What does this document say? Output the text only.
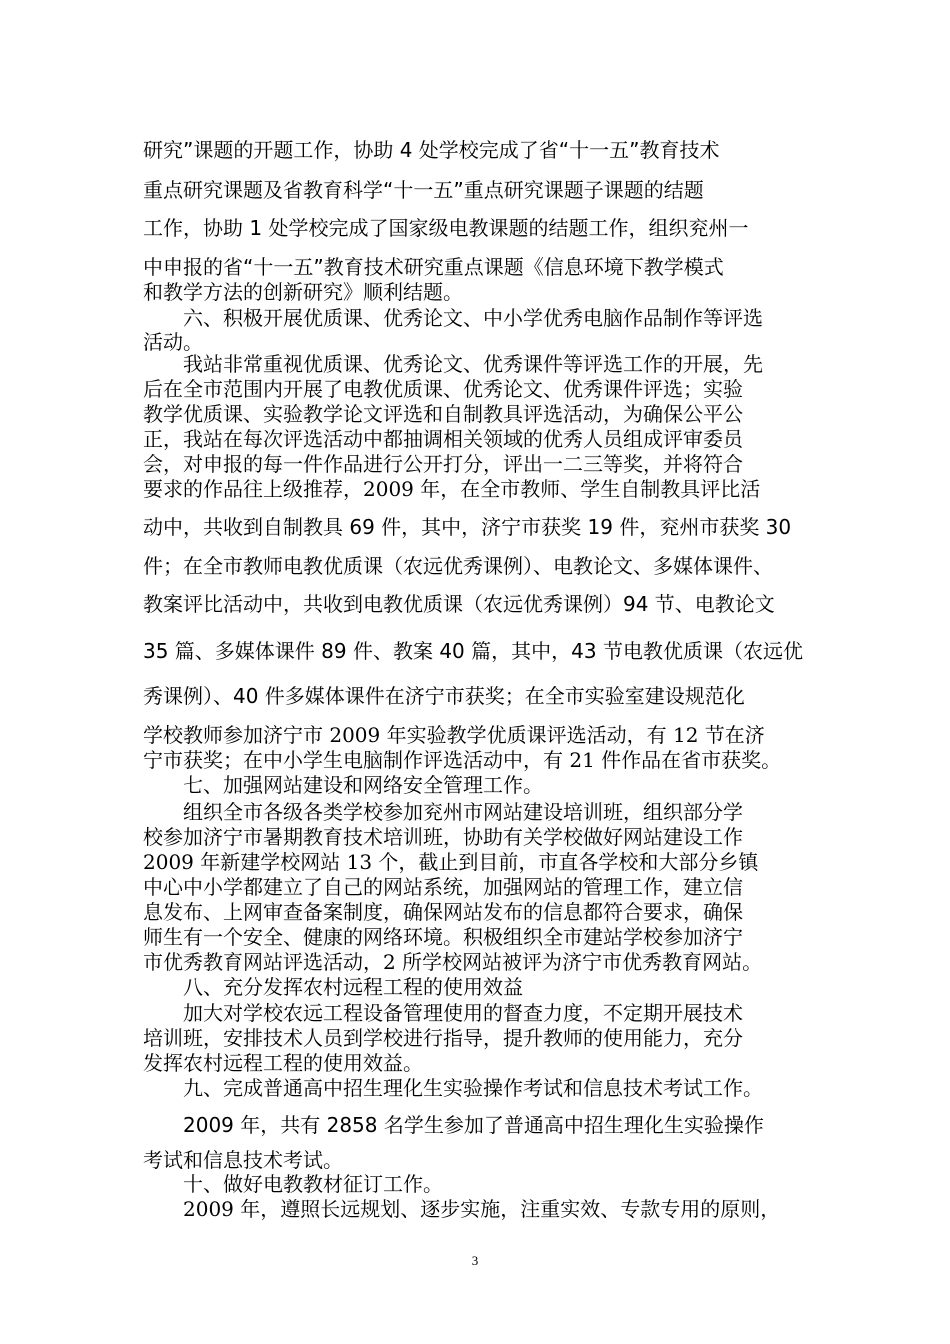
研究”课题的开题工作，协助 4 处学校完成了省“十一五”教育技术
重点研究课题及省教育科学“十一五”重点研究课题子课题的结题
工作，协助 1 处学校完成了国家级电教课题的结题工作，组织兖州一
中申报的省“十一五”教育技术研究重点课题《信息环境下教学模式
和教学方法的创新研究》顺利结题。
六、积极开展优质课、优秀论文、中小学优秀电脑作品制作等评选
活动。
我站非常重视优质课、优秀论文、优秀课件等评选工作的开展，先
后在全市范围内开展了电教优质课、优秀论文、优秀课件评选；实验
教学优质课、实验教学论文评选和自制教具评选活动，为确保公平公
正，我站在每次评选活动中都抽调相关领域的优秀人员组成评审委员
会，对申报的每一件作品进行公开打分，评出一二三等奖，并将符合
要求的作品往上级推荐，2009 年，在全市教师、学生自制教具评比活
动中，共收到自制教具 69 件，其中，济宁市获奖 19 件，兖州市获奖 30
件；在全市教师电教优质课（农远优秀课例）、电教论文、多媒体课件、
教案评比活动中，共收到电教优质课（农远优秀课例）94 节、电教论文
35 篇、多媒体课件 89 件、教案 40 篇，其中，43 节电教优质课（农远优
秀课例）、40 件多媒体课件在济宁市获奖；在全市实验室建设规范化
学校教师参加济宁市 2009 年实验教学优质课评选活动，有 12 节在济
宁市获奖；在中小学生电脑制作评选活动中，有 21 件作品在省市获奖。
七、加强网站建设和网络安全管理工作。
组织全市各级各类学校参加兖州市网站建设培训班，组织部分学
校参加济宁市暑期教育技术培训班，协助有关学校做好网站建设工作
2009 年新建学校网站 13 个，截止到目前，市直各学校和大部分乡镇
中心中小学都建立了自己的网站系统，加强网站的管理工作，建立信
息发布、上网审查备案制度，确保网站发布的信息都符合要求，确保
师生有一个安全、健康的网络环境。积极组织全市建站学校参加济宁
市优秀教育网站评选活动，2 所学校网站被评为济宁市优秀教育网站。
八、充分发挥农村远程工程的使用效益
加大对学校农远工程设备管理使用的督查力度，不定期开展技术
培训班，安排技术人员到学校进行指导，提升教师的使用能力，充分
发挥农村远程工程的使用效益。
九、完成普通高中招生理化生实验操作考试和信息技术考试工作。
2009 年，共有 2858 名学生参加了普通高中招生理化生实验操作
考试和信息技术考试。
十、做好电教教材征订工作。
2009 年，遵照长远规划、逐步实施，注重实效、专款专用的原则，
3
